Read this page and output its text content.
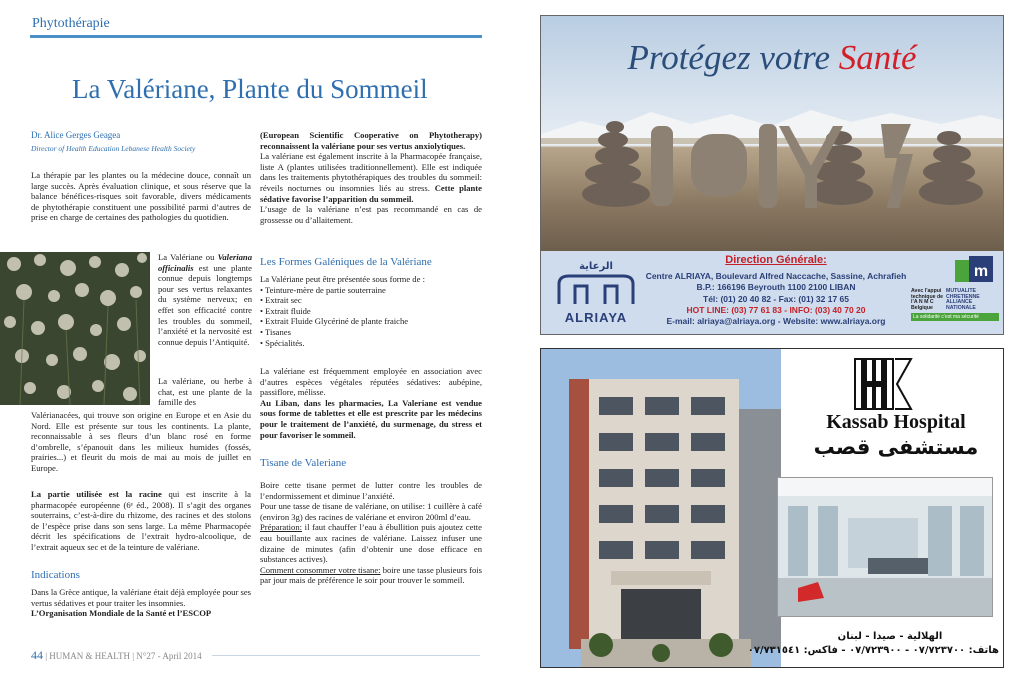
Phytothérapie
La Valériane, Plante du Sommeil
Dr. Alice Gerges Geagea
Director of Health Education Lebanese Health Society

La thérapie par les plantes ou la médecine douce, connaît un large succès. Après évaluation clinique, et sous réserve que la balance bénéfices-risques soit favorable, divers médicaments de phytothérapie constituent une possibilité parmi d’autres de prise en charge de certaines des pathologies du quotidien.

La Valériane ou Valeriana officinalis est une plante connue depuis longtemps pour ses vertus relaxantes du système nerveux; en effet son efficacité contre les troubles du sommeil, l’anxiété et la nervosité est connue depuis l’Antiquité.

La valériane, ou herbe à chat, est une plante de la famille des

Valérianacées, qui trouve son origine en Europe et en Asie du Nord. Elle est présente sur tous les continents. La plante, reconnaissable à ses fleurs d’un blanc rosé en forme d’ombrelle, s’épanouit dans les milieux humides (fossés, prairies...) et fleurit du mois de mai au mois de juillet en Europe.

La partie utilisée est la racine qui est inscrite à la pharmacopée européenne (6ᵉ éd., 2008). Il s’agit des organes souterrains, c’est-à-dire du rhizome, des racines et des stolons de l’espèce prise dans son sens large. La même Pharmacopée décrit les spécifications de l’extrait hydro-alcoolique, de l’extrait aqueux sec et de la teinture de valériane.

Indications

Dans la Grèce antique, la valériane était déjà employée pour ses vertus sédatives et pour traiter les insomnies.
L’Organisation Mondiale de la Santé et l’ESCOP

(European Scientific Cooperative on Phytotherapy) reconnaissent la valériane pour ses vertus anxiolytiques.
La valériane est également inscrite à la Pharmacopée française, liste A (plantes utilisées traditionnellement). Elle est indiquée dans les traitements phytothérapiques des troubles du sommeil: réveils nocturnes ou insomnies liés au stress. Cette plante sédative favorise l’apparition du sommeil.
L’usage de la valériane n’est pas recommandé en cas de grossesse ou d’allaitement.

Les Formes Galéniques de la Valériane
La Valériane peut être présentée sous forme de :
• Teinture-mère de partie souterraine
• Extrait sec
• Extrait fluide
• Extrait Fluide Glycériné de plante fraiche
• Tisanes
• Spécialités.

La valériane est fréquemment employée en association avec d’autres espèces végétales réputées sédatives: aubépine, passiflore, mélisse.
Au Liban, dans les pharmacies, La Valeriane est vendue sous forme de tablettes et elle est prescrite par les médecins pour le traitement de l’anxiété, du surmenage, du stress et pour favoriser le sommeil.

Tisane de Valeriane

Boire cette tisane permet de lutter contre les troubles de l’endormissement et diminue l’anxiété.
Pour une tasse de tisane de valériane, on utilise: 1 cuillère à café (environ 3g) des racines de valériane et environ 200ml d’eau.
Préparation: il faut chauffer l’eau à ébullition puis ajoutez cette eau bouillante aux racines de valériane. Laissez infuser une dizaine de minutes (afin d’obtenir une dose efficace en substances actives).
Comment consommer votre tisane: boire une tasse plusieurs fois par jour mais de préférence le soir pour trouver le sommeil.

44 | HUMAN & HEALTH | N°27 - April 2014
Protégez votre Santé
Direction Générale:
Centre ALRIAYA, Boulevard Alfred Naccache, Sassine, Achrafieh
B.P.: 166196 Beyrouth 1100 2100 LIBAN
Tél: (01) 20 40 82 - Fax: (01) 32 17 65
HOT LINE: (03) 77 61 83 - INFO: (03) 40 70 20
E-mail: alriaya@alriaya.org - Website: www.alriaya.org
الرعاية
ALRIAYA
m
Avec l’appui
technique de
l’A N M C
Belgique
MUTUALITE
CHRETIENNE
ALLIANCE
NATIONALE
La solidarité c’est ma sécurité
Kassab Hospital
مستشفى قصب
الهلالية - صيدا - لبنان
هاتف: ٠٧/٧٢٣٧٠٠ - ٠٧/٧٢٣٩٠٠ - فاكس: ٠٧/٧٣١٥٤١
